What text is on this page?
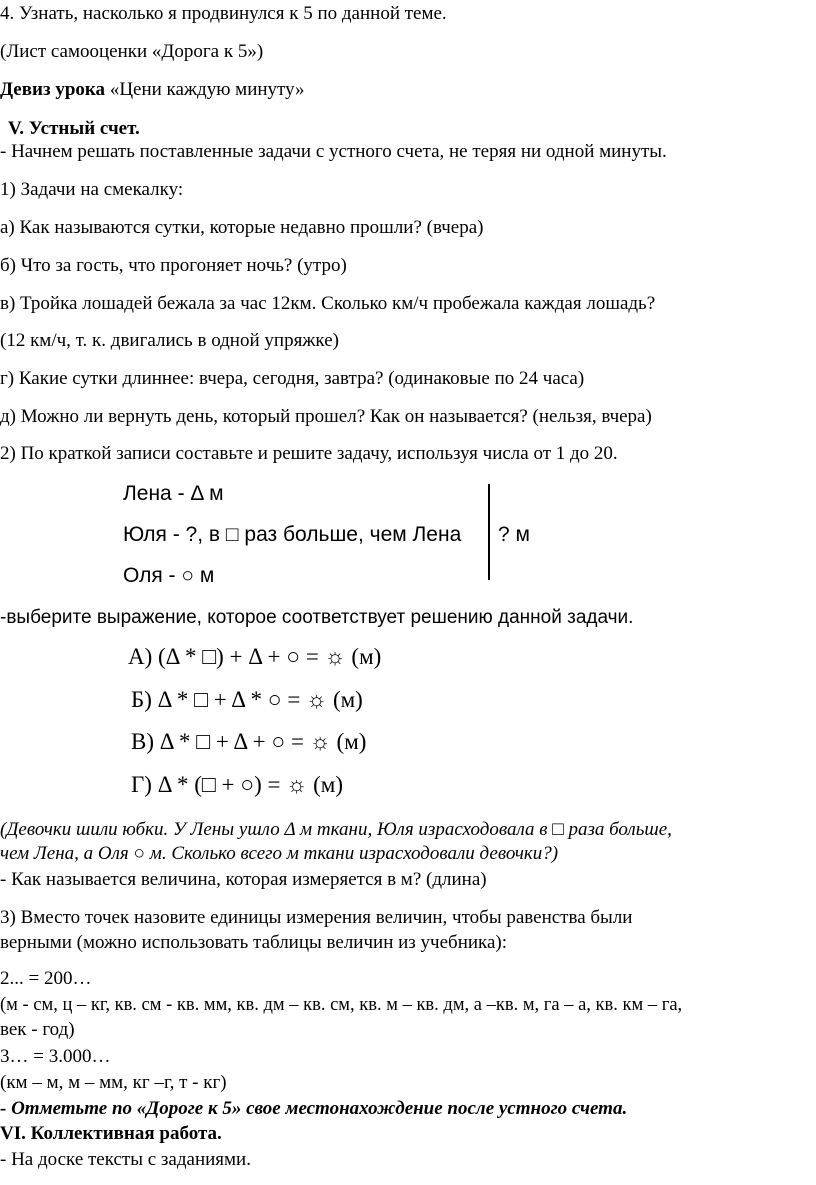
4. Узнать, насколько я продвинулся к 5 по данной теме.
(Лист самооценки «Дорога к 5»)
Девиз урока «Цени каждую минуту»
V. Устный счет.
- Начнем решать поставленные задачи с устного счета, не теряя ни одной минуты.
1) Задачи на смекалку:
а) Как называются сутки, которые недавно прошли? (вчера)
б) Что за гость, что прогоняет ночь? (утро)
в) Тройка лошадей бежала за час 12км. Сколько км/ч пробежала каждая лошадь?
(12 км/ч, т. к. двигались в одной упряжке)
г) Какие сутки длиннее: вчера, сегодня, завтра? (одинаковые по 24 часа)
д) Можно ли вернуть день, который прошел? Как он называется? (нельзя, вчера)
2) По краткой записи составьте и решите задачу, используя числа от 1 до 20.
Лена - Δ м
Юля - ?, в □ раз больше, чем Лена
Оля - ○ м
? м
-выберите выражение, которое соответствует решению данной задачи.
А) (Δ * □) + Δ + ○ = ☼ (м)
Б) Δ * □ + Δ * ○ = ☼ (м)
В) Δ * □ + Δ + ○ = ☼ (м)
Г) Δ * (□ + ○) = ☼ (м)
(Девочки шили юбки. У Лены ушло Δ м ткани, Юля израсходовала в □ раза больше,
чем Лена, а Оля ○ м. Сколько всего м ткани израсходовали девочки?)
- Как называется величина, которая измеряется в м? (длина)
3) Вместо точек назовите единицы измерения величин, чтобы равенства были
верными (можно использовать таблицы величин из учебника):
2... = 200…
(м - см, ц – кг, кв. см - кв. мм, кв. дм – кв. см, кв. м – кв. дм, а –кв. м, га – а, кв. км – га,
век - год)
3… = 3.000…
(км – м, м – мм, кг –г, т - кг)
- Отметьте по «Дороге к 5» свое местонахождение после устного счета.
VI. Коллективная работа.
- На доске тексты с заданиями.
